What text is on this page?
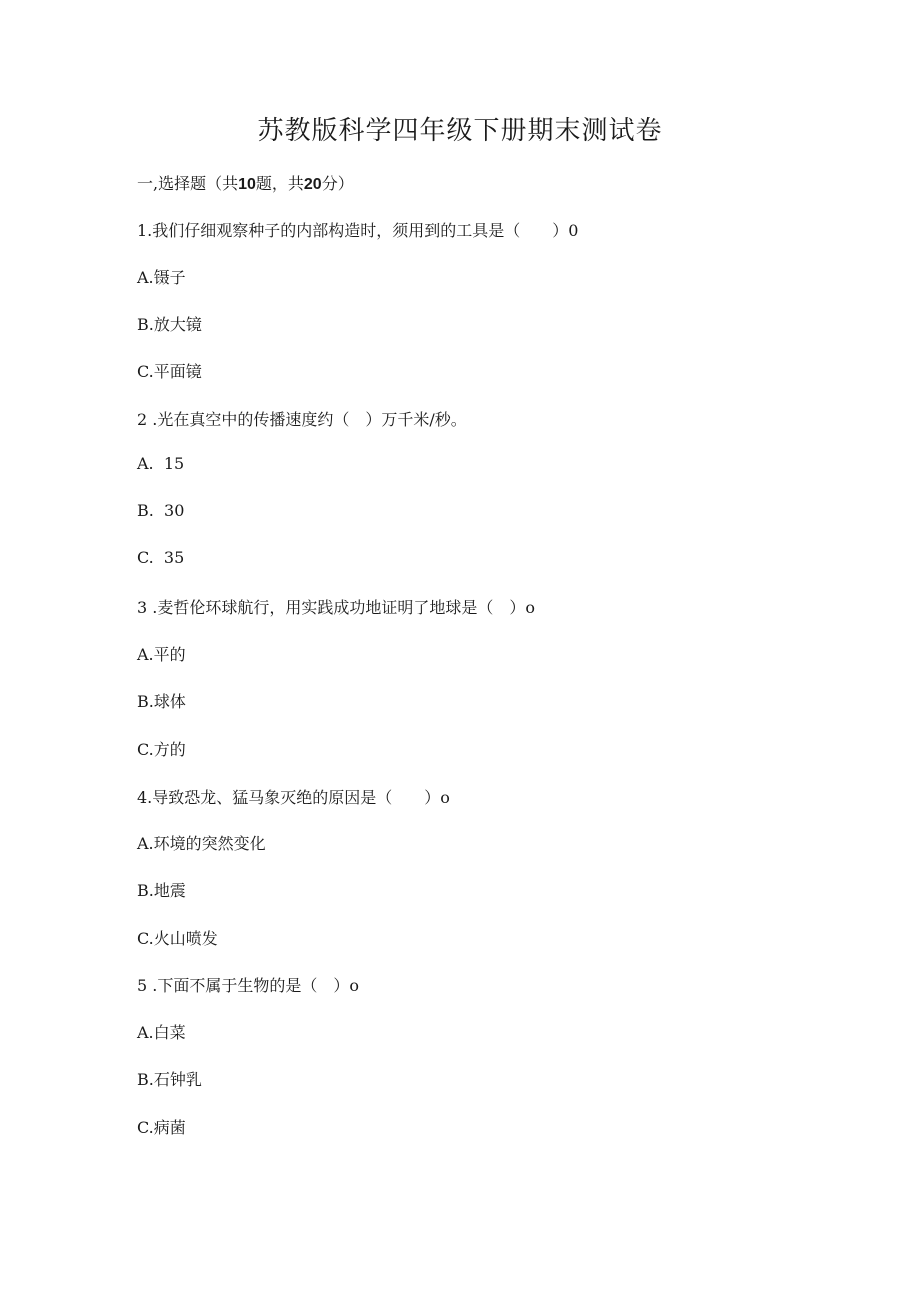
苏教版科学四年级下册期末测试卷
一,选择题（共10题，共20分）
1.我们仔细观察种子的内部构造时，须用到的工具是（　　）0
A.镊子
B.放大镜
C.平面镜
2 .光在真空中的传播速度约（　）万千米/秒。
A.  15
B.  30
C.  35
3 .麦哲伦环球航行，用实践成功地证明了地球是（　）o
A.平的
B.球体
C.方的
4.导致恐龙、猛马象灭绝的原因是（　　）o
A.环境的突然变化
B.地震
C.火山喷发
5 .下面不属于生物的是（　）o
A.白菜
B.石钟乳
C.病菌
